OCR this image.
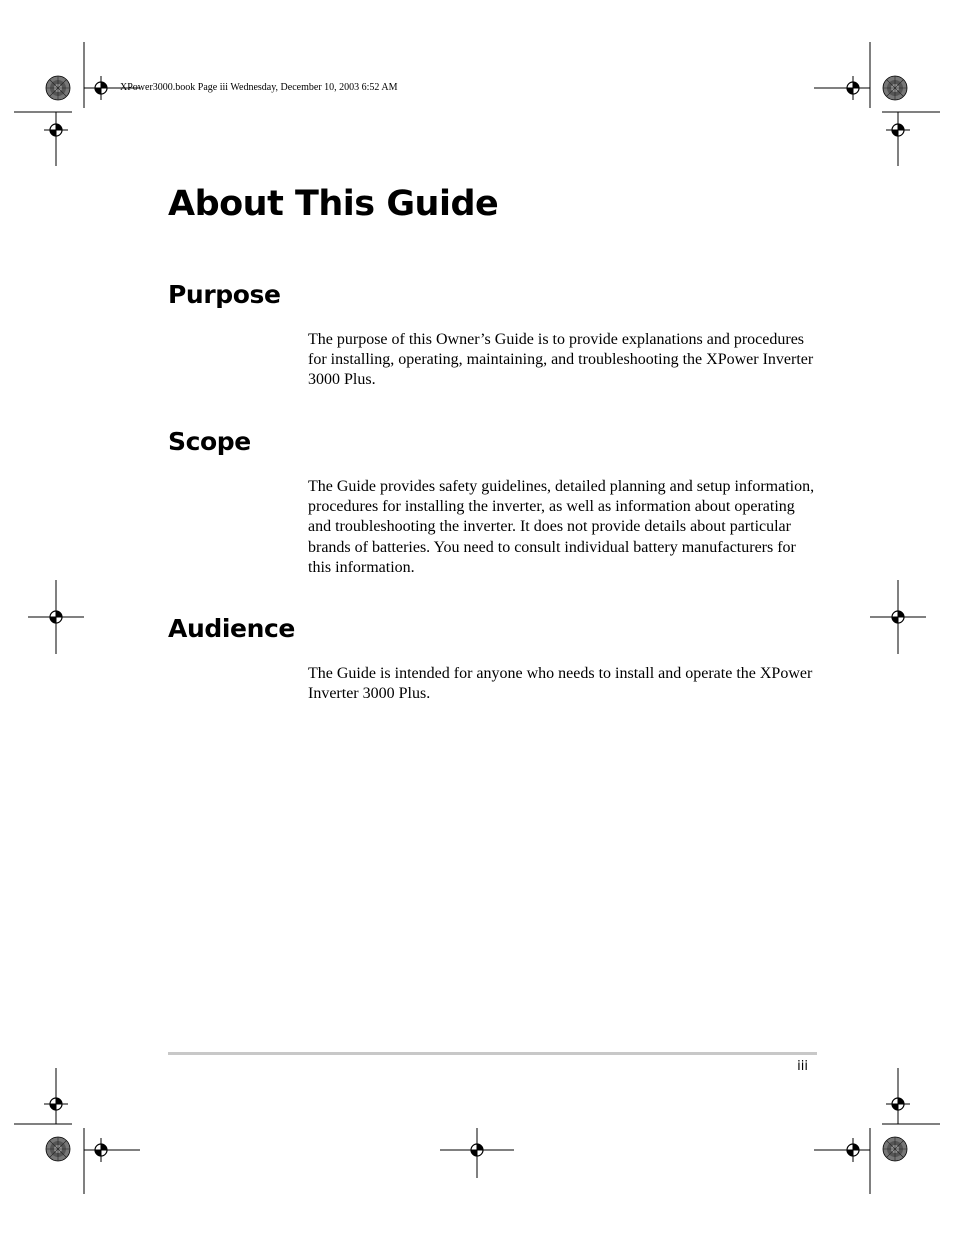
XPower3000.book Page iii Wednesday, December 10, 2003 6:52 AM
About This Guide
Purpose

The purpose of this Owner’s Guide is to provide explanations and procedures for installing, operating, maintaining, and troubleshooting the XPower Inverter 3000 Plus.

Scope

The Guide provides safety guidelines, detailed planning and setup information, procedures for installing the inverter, as well as information about operating and troubleshooting the inverter. It does not provide details about particular brands of batteries. You need to consult individual battery manufacturers for this information.

Audience

The Guide is intended for anyone who needs to install and operate the XPower Inverter 3000 Plus.

iii
